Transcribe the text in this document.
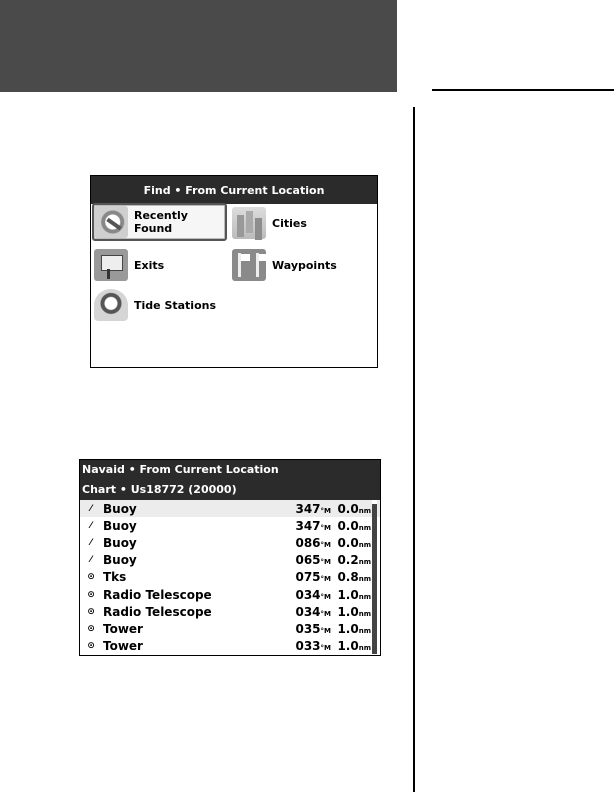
Find • From Current Location
Recently Found	Cities
Exits	Waypoints
Tide Stations
Navaid • From Current Location
Chart • Us18772 (20000)
⁄ Buoy	347°M 0.0nm
⁄ Buoy	347°M 0.0nm
⁄ Buoy	086°M 0.0nm
⁄ Buoy	065°M 0.2nm
⊙ Tks	075°M 0.8nm
⊙ Radio Telescope	034°M 1.0nm
⊙ Radio Telescope	034°M 1.0nm
⊙ Tower	035°M 1.0nm
⊙ Tower	033°M 1.0nm
